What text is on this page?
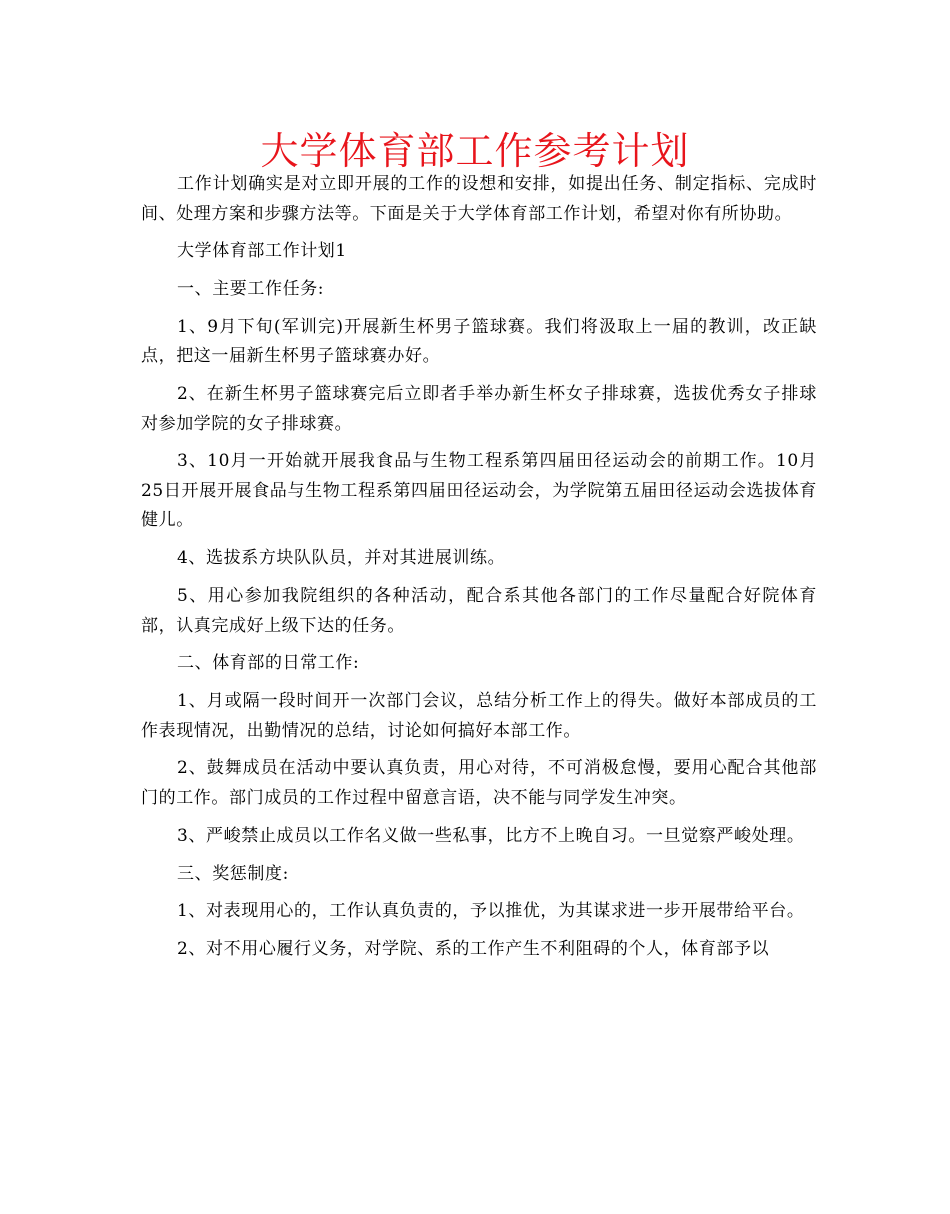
大学体育部工作参考计划

工作计划确实是对立即开展的工作的设想和安排，如提出任务、制定指标、完成时间、处理方案和步骤方法等。下面是关于大学体育部工作计划，希望对你有所协助。

大学体育部工作计划1

一、主要工作任务:

1、9月下旬(军训完)开展新生杯男子篮球赛。我们将汲取上一届的教训，改正缺点，把这一届新生杯男子篮球赛办好。

2、在新生杯男子篮球赛完后立即者手举办新生杯女子排球赛，选拔优秀女子排球对参加学院的女子排球赛。

3、10月一开始就开展我食品与生物工程系第四届田径运动会的前期工作。10月25日开展开展食品与生物工程系第四届田径运动会，为学院第五届田径运动会选拔体育健儿。

4、选拔系方块队队员，并对其进展训练。

5、用心参加我院组织的各种活动，配合系其他各部门的工作尽量配合好院体育部，认真完成好上级下达的任务。

二、体育部的日常工作:

1、月或隔一段时间开一次部门会议，总结分析工作上的得失。做好本部成员的工作表现情况，出勤情况的总结，讨论如何搞好本部工作。

2、鼓舞成员在活动中要认真负责，用心对待，不可消极怠慢，要用心配合其他部门的工作。部门成员的工作过程中留意言语，决不能与同学发生冲突。

3、严峻禁止成员以工作名义做一些私事，比方不上晚自习。一旦觉察严峻处理。

三、奖惩制度:

1、对表现用心的，工作认真负责的，予以推优，为其谋求进一步开展带给平台。

2、对不用心履行义务，对学院、系的工作产生不利阻碍的个人，体育部予以
